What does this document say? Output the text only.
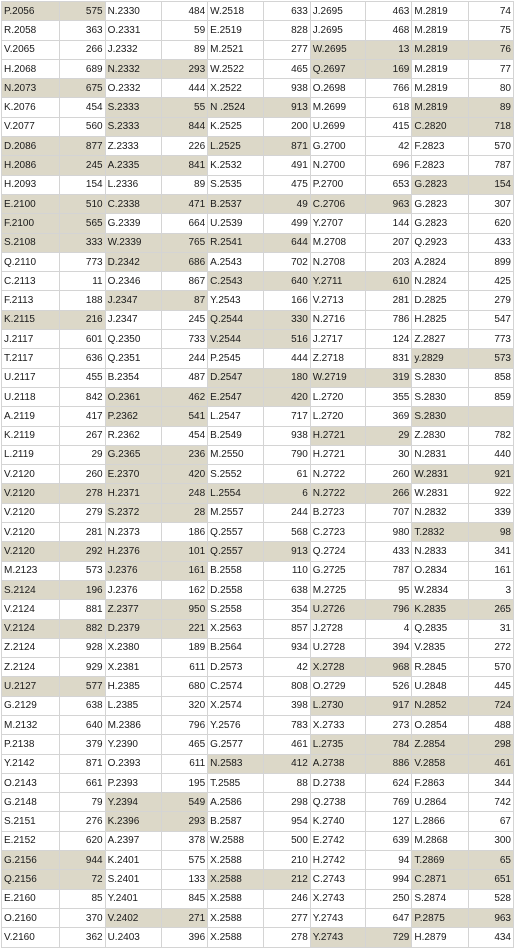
P.2056	575	N.2330	484	W.2518	633	J.2695	463	M.2819	74
R.2058	363	O.2331	59	E.2519	828	J.2695	468	M.2819	75
V.2065	266	J.2332	89	M.2521	277	W.2695	13	M.2819	76
H.2068	689	N.2332	293	W.2522	465	Q.2697	169	M.2819	77
N.2073	675	O.2332	444	X.2522	938	O.2698	766	M.2819	80
K.2076	454	S.2333	55	N .2524	913	M.2699	618	M.2819	89
V.2077	560	S.2333	844	K.2525	200	U.2699	415	C.2820	718
D.2086	877	Z.2333	226	L.2525	871	G.2700	42	F.2823	570
H.2086	245	A.2335	841	K.2532	491	N.2700	696	F.2823	787
H.2093	154	L.2336	89	S.2535	475	P.2700	653	G.2823	154
E.2100	510	C.2338	471	B.2537	49	C.2706	963	G.2823	307
F.2100	565	G.2339	664	U.2539	499	Y.2707	144	G.2823	620
S.2108	333	W.2339	765	R.2541	644	M.2708	207	Q.2923	433
Q.2110	773	D.2342	686	A.2543	702	N.2708	203	A.2824	899
C.2113	11	O.2346	867	C.2543	640	Y.2711	610	N.2824	425
F.2113	188	J.2347	87	Y.2543	166	V.2713	281	D.2825	279
K.2115	216	J.2347	245	Q.2544	330	N.2716	786	H.2825	547
J.2117	601	Q.2350	733	V.2544	516	J.2717	124	Z.2827	773
T.2117	636	Q.2351	244	P.2545	444	Z.2718	831	y.2829	573
U.2117	455	B.2354	487	D.2547	180	W.2719	319	S.2830	858
U.2118	842	O.2361	462	E.2547	420	L.2720	355	S.2830	859
A.2119	417	P.2362	541	L.2547	717	L.2720	369	S.2830	
K.2119	267	R.2362	454	B.2549	938	H.2721	29	Z.2830	782
L.2119	29	G.2365	236	M.2550	790	H.2721	30	N.2831	440
V.2120	260	E.2370	420	S.2552	61	N.2722	260	W.2831	921
V.2120	278	H.2371	248	L.2554	6	N.2722	266	W.2831	922
V.2120	279	S.2372	28	M.2557	244	B.2723	707	N.2832	339
V.2120	281	N.2373	186	Q.2557	568	C.2723	980	T.2832	98
V.2120	292	H.2376	101	Q.2557	913	Q.2724	433	N.2833	341
M.2123	573	J.2376	161	B.2558	110	G.2725	787	O.2834	161
S.2124	196	J.2376	162	D.2558	638	M.2725	95	W.2834	3
V.2124	881	Z.2377	950	S.2558	354	U.2726	796	K.2835	265
V.2124	882	D.2379	221	X.2563	857	J.2728	4	Q.2835	31
Z.2124	928	X.2380	189	B.2564	934	U.2728	394	V.2835	272
Z.2124	929	X.2381	611	D.2573	42	X.2728	968	R.2845	570
U.2127	577	H.2385	680	C.2574	808	O.2729	526	U.2848	445
G.2129	638	L.2385	320	X.2574	398	L.2730	917	N.2852	724
M.2132	640	M.2386	796	Y.2576	783	X.2733	273	O.2854	488
P.2138	379	Y.2390	465	G.2577	461	L.2735	784	Z.2854	298
Y.2142	871	O.2393	611	N.2583	412	A.2738	886	V.2858	461
O.2143	661	P.2393	195	T.2585	88	D.2738	624	F.2863	344
G.2148	79	Y.2394	549	A.2586	298	Q.2738	769	U.2864	742
S.2151	276	K.2396	293	B.2587	954	K.2740	127	L.2866	67
E.2152	620	A.2397	378	W.2588	500	E.2742	639	M.2868	300
G.2156	944	K.2401	575	X.2588	210	H.2742	94	T.2869	65
Q.2156	72	S.2401	133	X.2588	212	C.2743	994	C.2871	651
E.2160	85	Y.2401	845	X.2588	246	X.2743	250	S.2874	528
O.2160	370	V.2402	271	X.2588	277	Y.2743	647	P.2875	963
V.2160	362	U.2403	396	X.2588	278	Y.2743	729	H.2879	434
